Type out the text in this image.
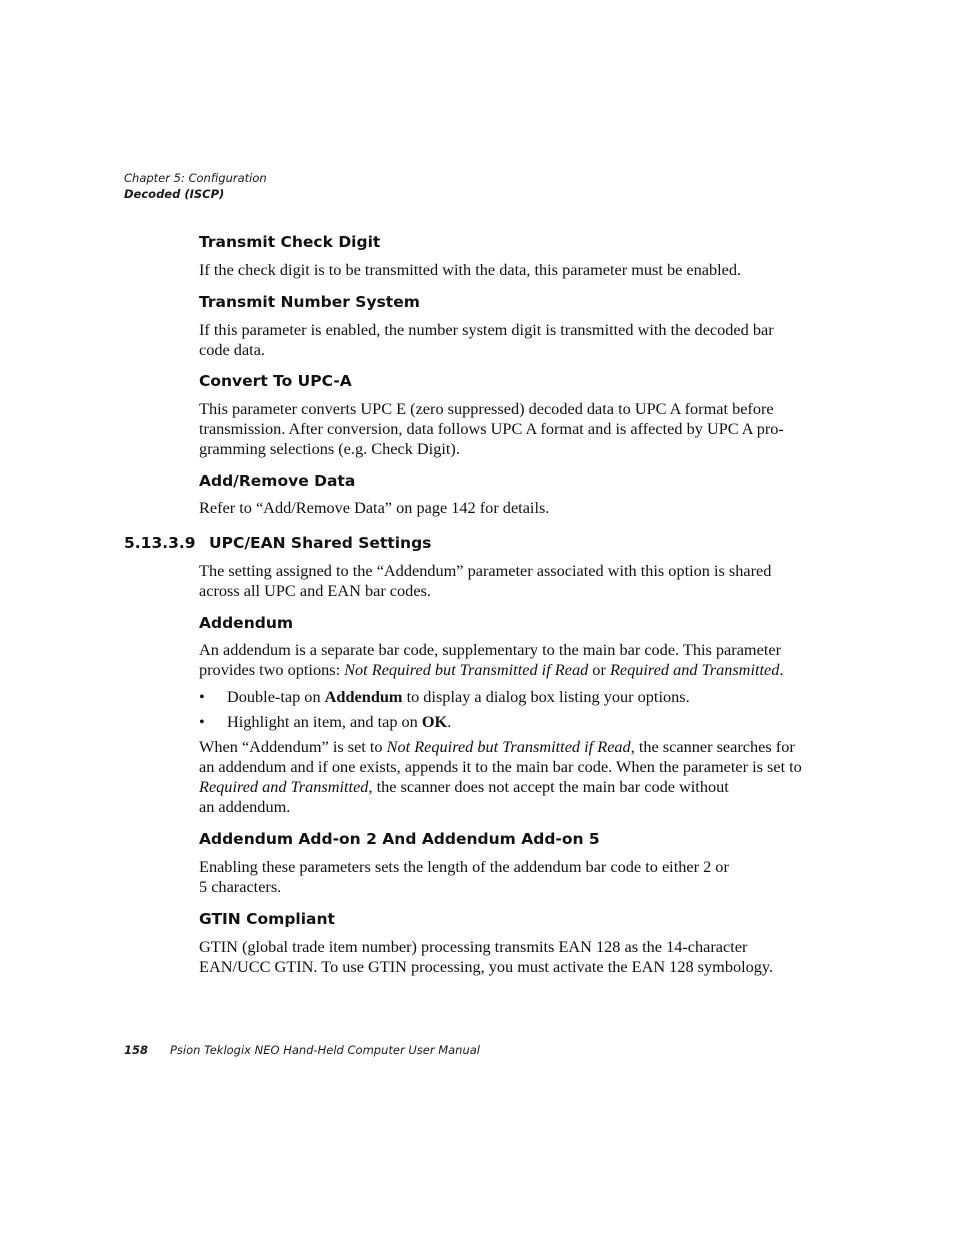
Chapter 5: Configuration
Decoded (ISCP)
Transmit Check Digit
If the check digit is to be transmitted with the data, this parameter must be enabled.
Transmit Number System
If this parameter is enabled, the number system digit is transmitted with the decoded bar
code data.
Convert To UPC-A
This parameter converts UPC E (zero suppressed) decoded data to UPC A format before
transmission. After conversion, data follows UPC A format and is affected by UPC A pro-
gramming selections (e.g. Check Digit).
Add/Remove Data
Refer to “Add/Remove Data” on page 142 for details.
5.13.3.9 UPC/EAN Shared Settings
The setting assigned to the “Addendum” parameter associated with this option is shared
across all UPC and EAN bar codes.
Addendum
An addendum is a separate bar code, supplementary to the main bar code. This parameter
provides two options: Not Required but Transmitted if Read or Required and Transmitted.
• Double-tap on Addendum to display a dialog box listing your options.
• Highlight an item, and tap on OK.
When “Addendum” is set to Not Required but Transmitted if Read, the scanner searches for
an addendum and if one exists, appends it to the main bar code. When the parameter is set to
Required and Transmitted, the scanner does not accept the main bar code without
an addendum.
Addendum Add-on 2 And Addendum Add-on 5
Enabling these parameters sets the length of the addendum bar code to either 2 or
5 characters.
GTIN Compliant
GTIN (global trade item number) processing transmits EAN 128 as the 14-character
EAN/UCC GTIN. To use GTIN processing, you must activate the EAN 128 symbology.
158 Psion Teklogix NEO Hand-Held Computer User Manual
